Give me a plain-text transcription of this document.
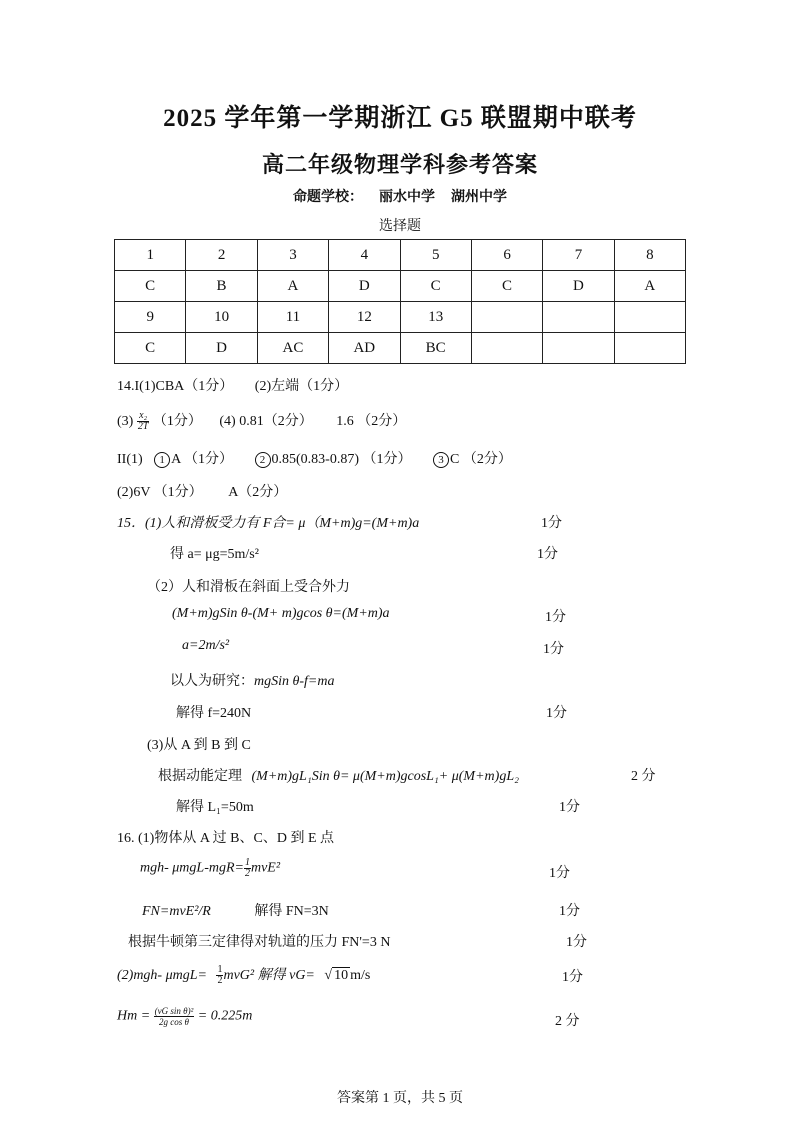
2025 学年第一学期浙江 G5 联盟期中联考
高二年级物理学科参考答案
命题学校： 丽水中学 湖州中学
选择题
1	2	3	4	5	6	7	8
C	B	A	D	C	C	D	A
9	10	11	12	13			
C	D	AC	AD	BC			
14.I(1)CBA（1分） (2)左端（1分）
$(3) \frac{\text{x₂}}{2T} (1$分） (4) 0.81（2分） 1.6 （2分）
II(1) 1 A （1分） 2 0.85(0.83-0.87) （1分） 3 C （2分）
(2)6V （1分） A（2分）
15．(1)人和滑板受力有 F合= μ（M+m)g=(M+m)a	1分
得 a= μg=5m/s²	1分
（2）人和滑板在斜面上受合外力
(M+m)gSin θ-(M+ m)gcos θ=(M+m)a	1分
a=2m/s²	1分
以人为研究：mgSin θ-f=ma
解得 f=240N	1分
(3)从 A 到 B 到 C
根据动能定理 (M+m)gL₁Sin θ= μ(M+m)gcosL₁+ μ(M+m)gL₂	2 分
解得 L₁=50m	1分
16. (1)物体从 A 过 B、C、D 到 E 点
mgh- $\mu mgL-mgR= \frac{1}{2} mvE^2$	1分
FN=mvE²/R	解得 FN=3N	1分
根据牛顿第三定律得对轨道的压力 FN'=3 N	1分
(2)mgh- $\mu mgL= \frac{1}{2} mvG^2$ 解得 vG= √ 10 m/s	1分
$Hm = \frac{\text{(vG sin θ)²}}{\text{2g cos θ}} = 0.225m$	2 分
答案第 1 页，共 5 页
